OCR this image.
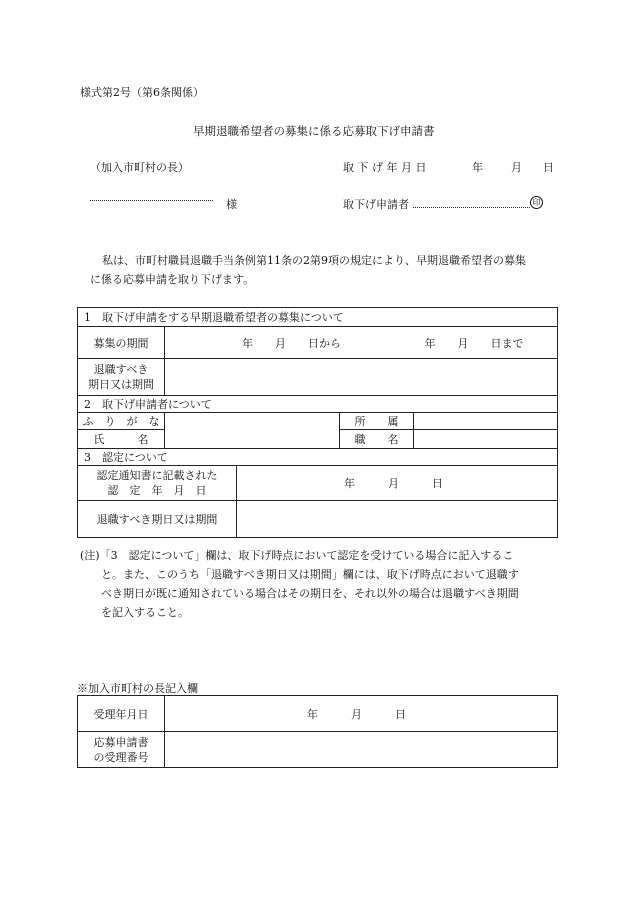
様式第2号（第6条関係）
早期退職希望者の募集に係る応募取下げ申請書
（加入市町村の長）	取 下 げ 年 月 日	年	月 日
様	取下げ申請者	印
私は、市町村職員退職手当条例第11条の2第9項の規定により、早期退職希望者の募集
に係る応募申請を取り下げます。
1　取下げ申請をする早期退職希望者の募集について				
募集の期間	年　　月　　日から 年　　月　　日まで			
退職すべき
期日又は期間				
2　取下げ申請者について				
ふ　り　が　な			所　　属	
氏　　　名			職　　名	
3　認定について				
認定通知書に記載された
認　定　年　月　日		年　　　月　　　日		
退職すべき期日又は期間				

(注)「3　認定について」欄は、取下げ時点において認定を受けている場合に記入するこ

と。また、このうち「退職すべき期日又は期間」欄には、取下げ時点において退職す

べき期日が既に通知されている場合はその期日を、それ以外の場合は退職すべき期間

を記入すること。

※加入市町村の長記入欄
受理年月日	年　　　月　　　日
応募申請書
の受理番号	
